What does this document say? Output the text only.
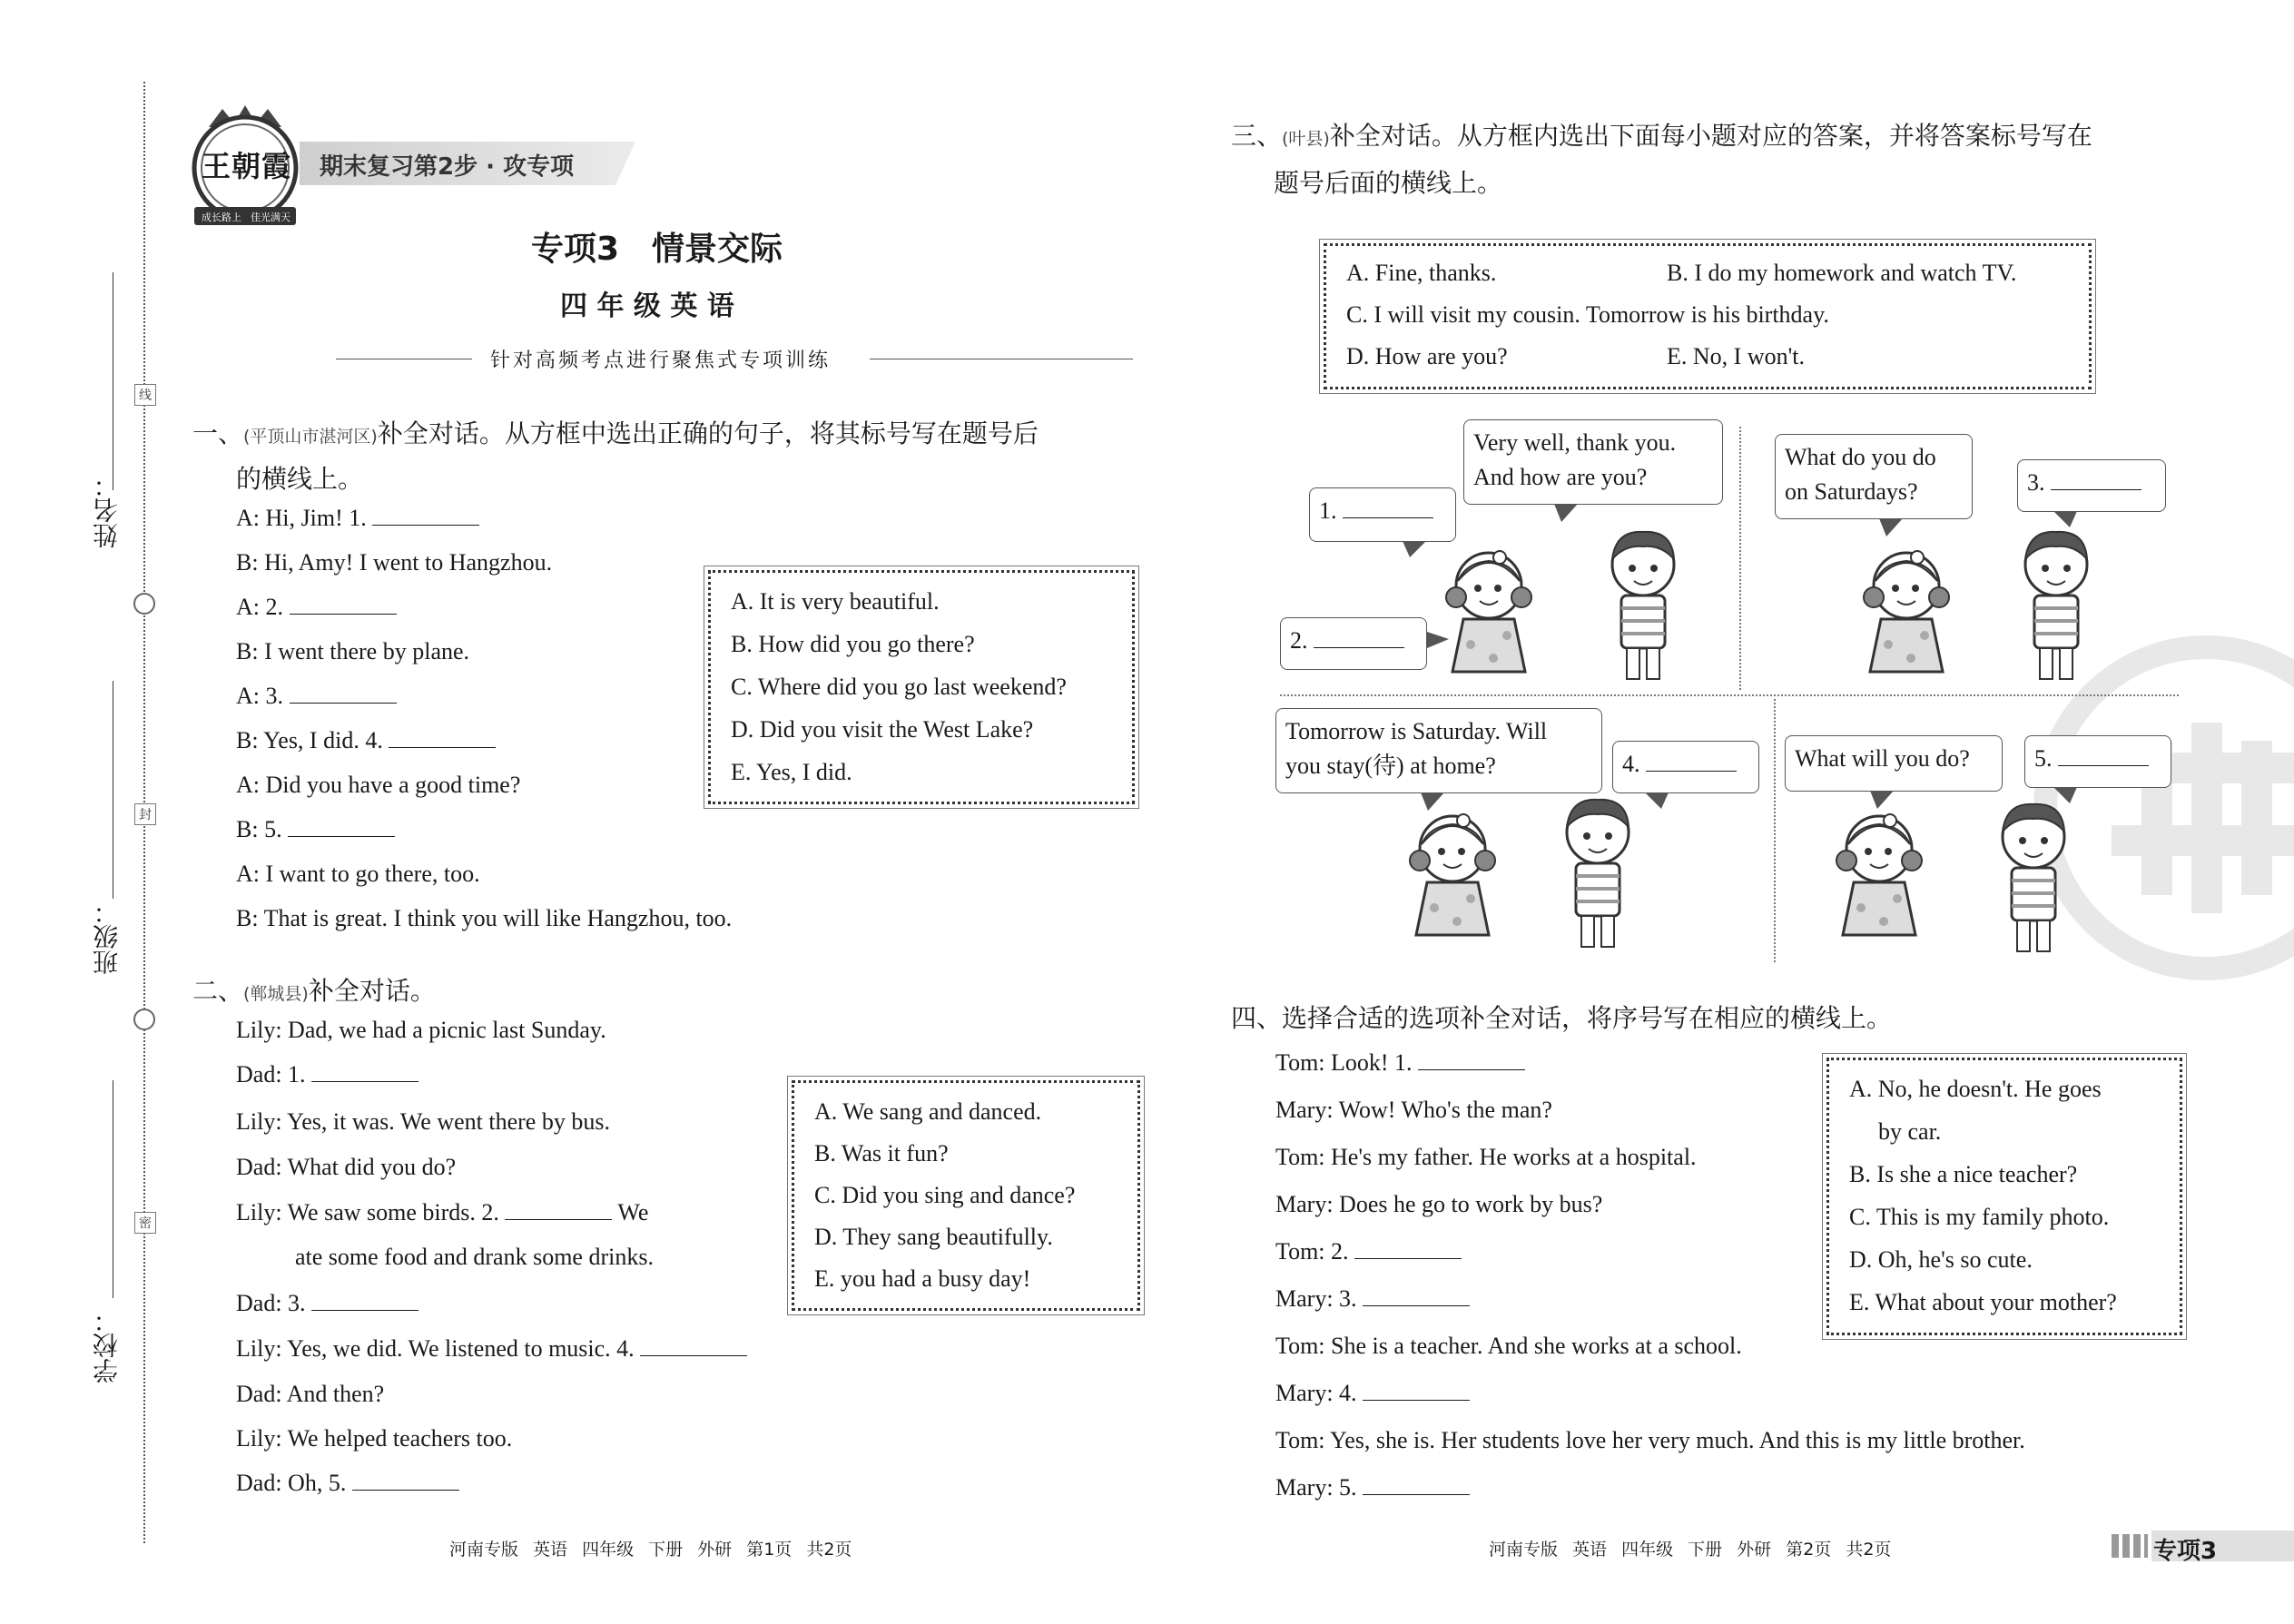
姓名：
班级：
学校：
线
封
密
王朝霞
成长路上 佳光满天
期末复习第2步 · 攻专项
专项3　情景交际
四 年 级 英 语
针对高频考点进行聚焦式专项训练
一、(平顶山市湛河区)补全对话。从方框中选出正确的句子，将其标号写在题号后
的横线上。
A: Hi, Jim! 1.
B: Hi, Amy! I went to Hangzhou.
A: 2.
B: I went there by plane.
A: 3.
B: Yes, I did. 4.
A: Did you have a good time?
B: 5.
A: I want to go there, too.
B: That is great. I think you will like Hangzhou, too.
A. It is very beautiful.
B. How did you go there?
C. Where did you go last weekend?
D. Did you visit the West Lake?
E. Yes, I did.
二、(郸城县)补全对话。
Lily: Dad, we had a picnic last Sunday.
Dad: 1.
Lily: Yes, it was. We went there by bus.
Dad: What did you do?
Lily: We saw some birds. 2.	We
ate some food and drank some drinks.
Dad: 3.
Lily: Yes, we did. We listened to music. 4.
Dad: And then?
Lily: We helped teachers too.
Dad: Oh, 5.
A. We sang and danced.
B. Was it fun?
C. Did you sing and dance?
D. They sang beautifully.
E. you had a busy day!
河南专版 英语 四年级 下册 外研 第1页 共2页
三、(叶县)补全对话。从方框内选出下面每小题对应的答案，并将答案标号写在
题号后面的横线上。
A. Fine, thanks.	B. I do my homework and watch TV.
C. I will visit my cousin. Tomorrow is his birthday.
D. How are you?	E. No, I won't.
1.
Very well, thank you.
And how are you?
2.
What do you do
on Saturdays?	3.
Tomorrow is Saturday. Will
you stay(待) at home?	4.	What will you do?	5.
四、选择合适的选项补全对话，将序号写在相应的横线上。
Tom: Look! 1.
Mary: Wow! Who's the man?
Tom: He's my father. He works at a hospital.
Mary: Does he go to work by bus?
Tom: 2.
Mary: 3.
Tom: She is a teacher. And she works at a school.
Mary: 4.
Tom: Yes, she is. Her students love her very much. And this is my little brother.
Mary: 5.
A. No, he doesn't. He goes
by car.
B. Is she a nice teacher?
C. This is my family photo.
D. Oh, he's so cute.
E. What about your mother?
河南专版 英语 四年级 下册 外研 第2页 共2页	专项3
